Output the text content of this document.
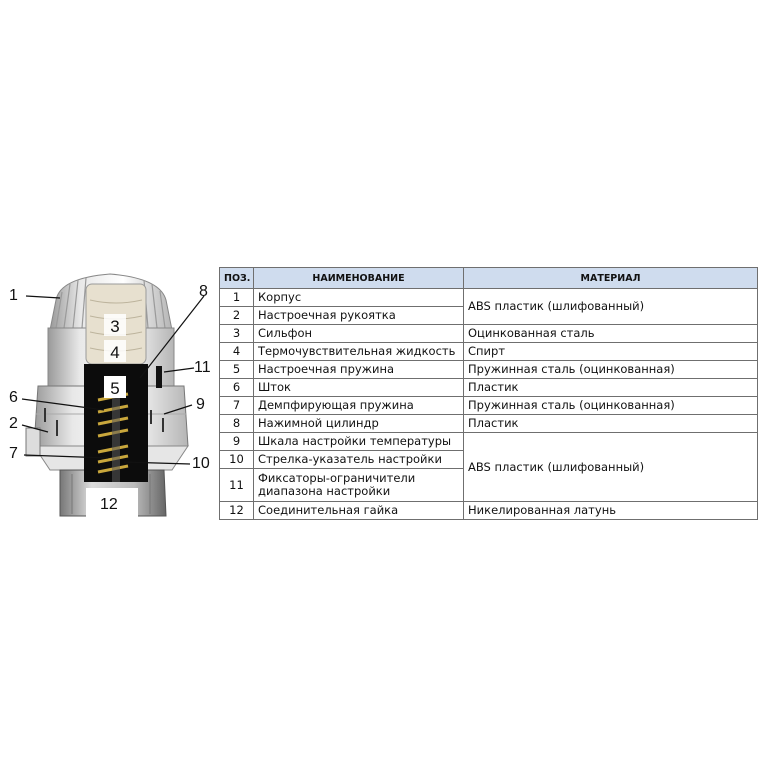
3
4
5
1	8
11
9
6
2
7
10
12
ПОЗ.	НАИМЕНОВАНИЕ	МАТЕРИАЛ
1	Корпус	ABS пластик (шлифованный)
2	Настроечная рукоятка	
3	Сильфон	Оцинкованная сталь
4	Термочувствительная жидкость	Спирт
5	Настроечная пружина	Пружинная сталь (оцинкованная)
6	Шток	Пластик
7	Демпфирующая пружина	Пружинная сталь (оцинкованная)
8	Нажимной цилиндр	Пластик
9	Шкала настройки температуры	ABS пластик (шлифованный)
10	Стрелка-указатель настройки	
11	Фиксаторы-ограничители диапазона настройки	
12	Соединительная гайка	Никелированная латунь
